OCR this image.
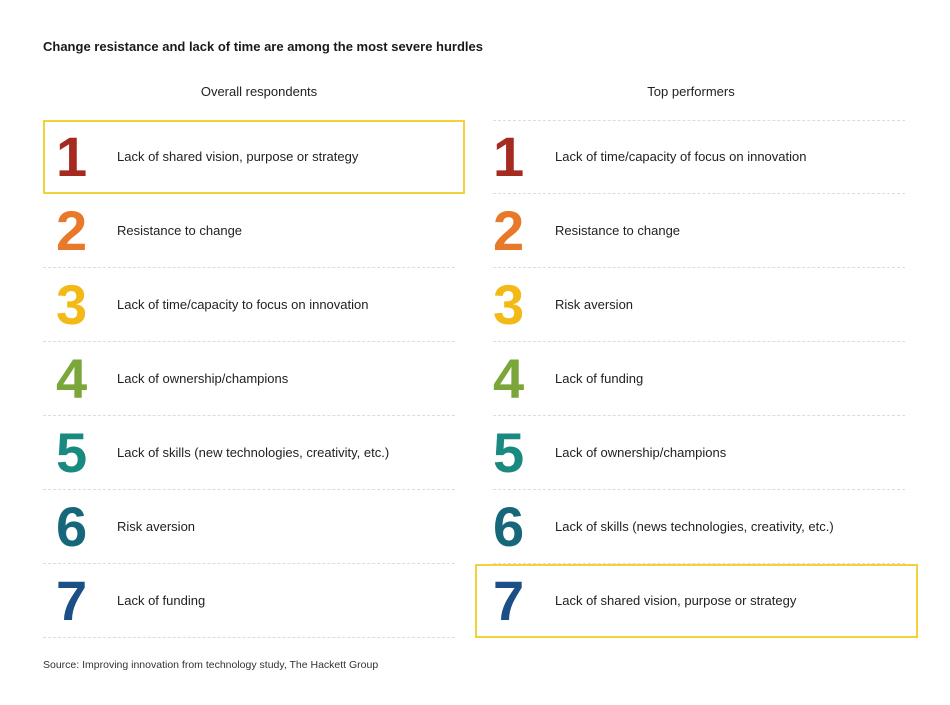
Change resistance and lack of time are among the most severe hurdles
Overall respondents	Top performers
1 Lack of shared vision, purpose or strategy
2 Resistance to change
3 Lack of time/capacity to focus on innovation
4 Lack of ownership/champions
5 Lack of skills (new technologies, creativity, etc.)
6 Risk aversion
7 Lack of funding
1 Lack of time/capacity of focus on innovation
2 Resistance to change
3 Risk aversion
4 Lack of funding
5 Lack of ownership/champions
6 Lack of skills (news technologies, creativity, etc.)
7 Lack of shared vision, purpose or strategy
Source: Improving innovation from technology study, The Hackett Group
